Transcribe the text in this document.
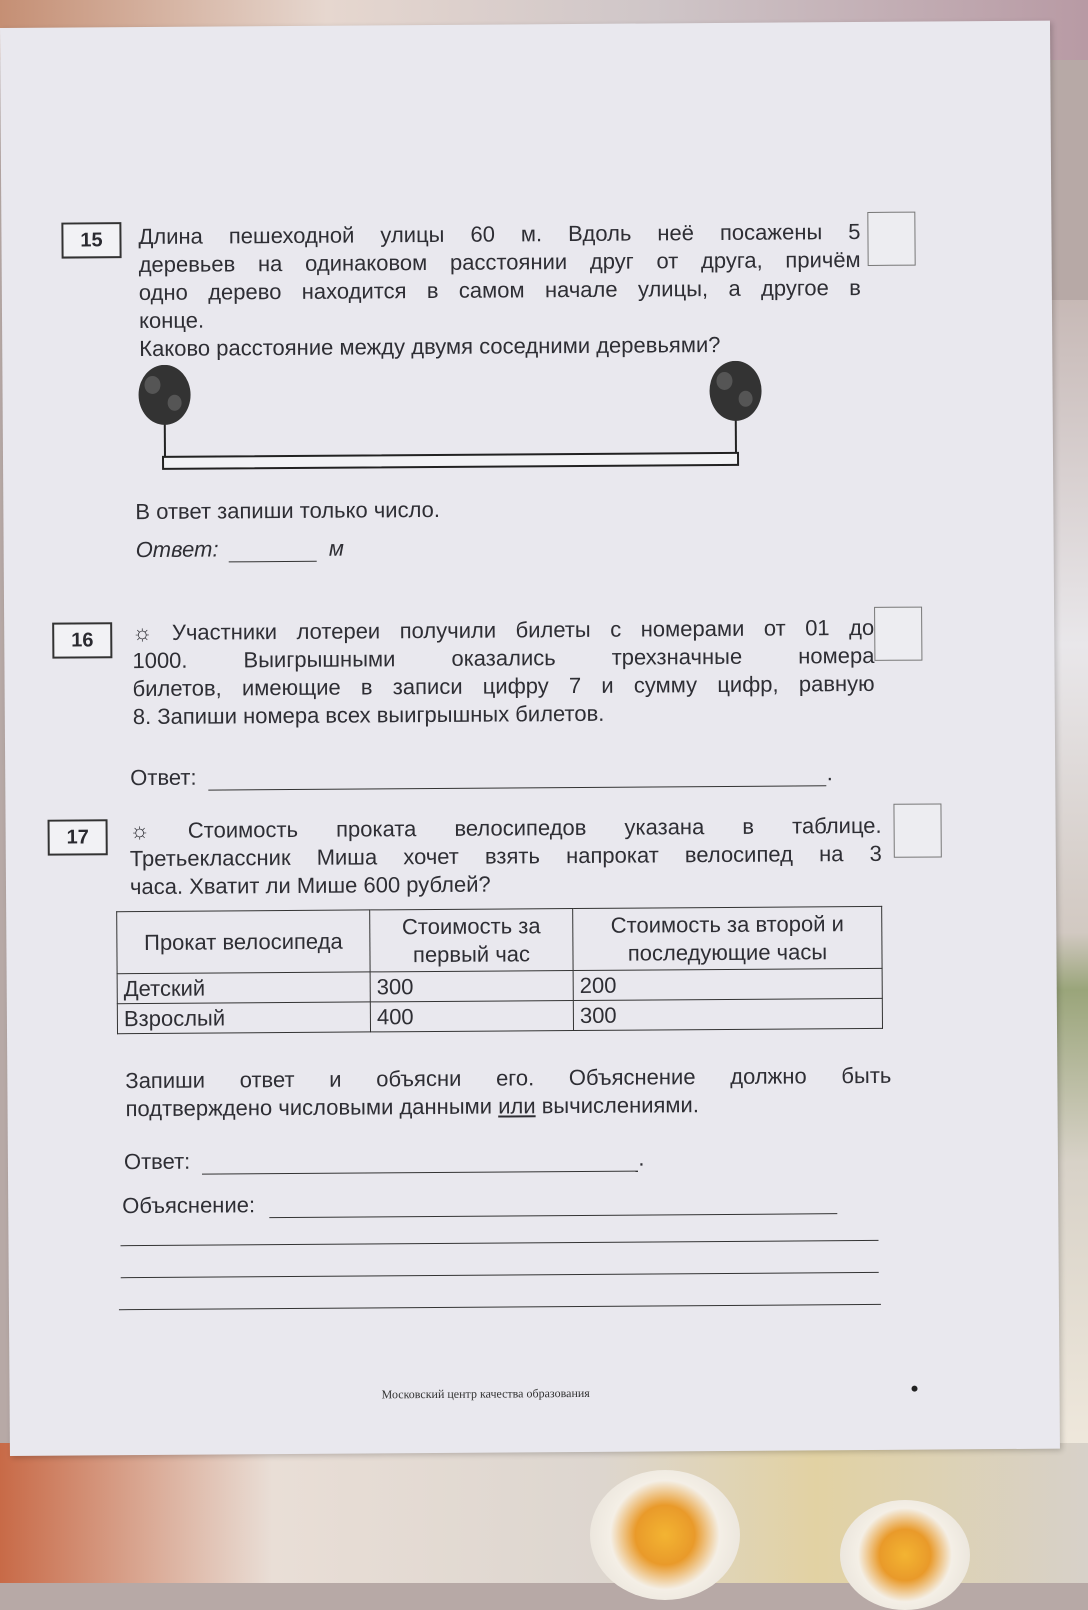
15 Длина пешеходной улицы 60 м. Вдоль неё посажены 5
деревьев на одинаковом расстоянии друг от друга, причём
одно дерево находится в самом начале улицы, а другое в
конце.
Каково расстояние между двумя соседними деревьями?
В ответ запиши только число.
Ответ:	м
16 ☼ Участники лотереи получили билеты с номерами от 01 до
1000. Выигрышными оказались трехзначные номера
билетов, имеющие в записи цифру 7 и сумму цифр, равную
8. Запиши номера всех выигрышных билетов.
Ответ:	.
17 ☼ Стоимость проката велосипедов указана в таблице.
Третьеклассник Миша хочет взять напрокат велосипед на 3
часа. Хватит ли Мише 600 рублей?
Прокат велосипеда	Стоимость за первый час	Стоимость за второй и последующие часы
Детский	300	200
Взрослый	400	300
Запиши ответ и объясни его. Объяснение должно быть
подтверждено числовыми данными или вычислениями.
Ответ:	.
Объяснение:
Московский центр качества образования
